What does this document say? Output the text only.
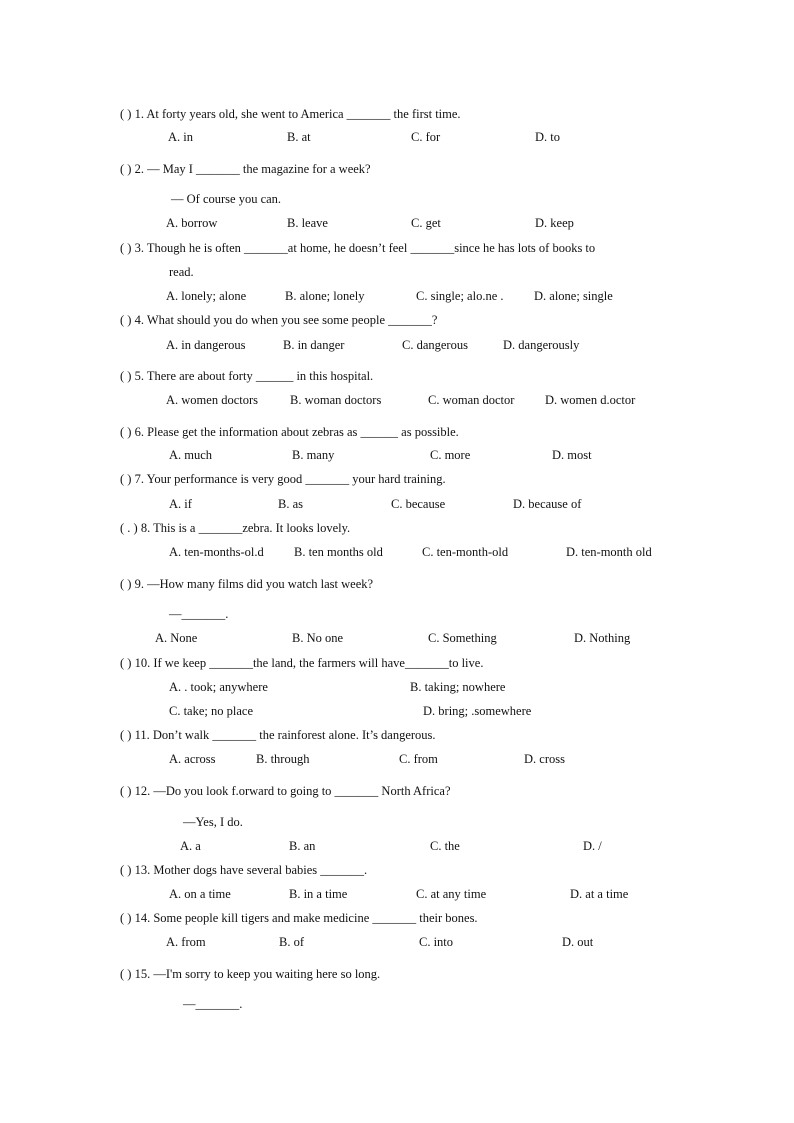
( ) 1. At forty years old, she went to America _______ the first time.
A. in	B. at	C. for	D. to
( ) 2. — May I _______ the magazine for a week?
— Of course you can.
A. borrow	B. leave	C. get	D. keep
( ) 3. Though he is often _______at home, he doesn’t feel _______since he has lots of books to
read.
A. lonely; alone	B. alone; lonely	C. single; alo.ne . D. alone; single
( ) 4. What should you do when you see some people _______?
A. in dangerous	B. in danger	C. dangerous	D. dangerously
( ) 5. There are about forty ______ in this hospital.
A. women doctors	B. woman doctors	C. woman doctor D. women d.octor
( ) 6. Please get the information about zebras as ______ as possible.
A. much	B. many	C. more	D. most
( ) 7. Your performance is very good _______ your hard training.
A. if	B. as	C. because	D. because of
( . ) 8. This is a _______zebra. It looks lovely.
A. ten-months-ol.d B. ten months old	C. ten-month-old	D. ten-month old
( ) 9. —How many films did you watch last week?
—_______.
A. None	B. No one	C. Something	D. Nothing
( ) 10. If we keep _______the land, the farmers will have_______to live.
A. . took; anywhere	B. taking; nowhere
C. take; no place	D. bring; .somewhere
( ) 11. Don’t walk _______ the rainforest alone. It’s dangerous.
A. across	B. through	C. from	D. cross
( ) 12. —Do you look f.orward to going to _______ North Africa?
—Yes, I do.
A. a	B. an	C. the	D. /
( ) 13. Mother dogs have several babies _______.
A. on a time	B. in a time	C. at any time	D. at a time
( ) 14. Some people kill tigers and make medicine _______ their bones.
A. from	B. of	C. into	D. out
( ) 15. —I'm sorry to keep you waiting here so long.
—_______.
